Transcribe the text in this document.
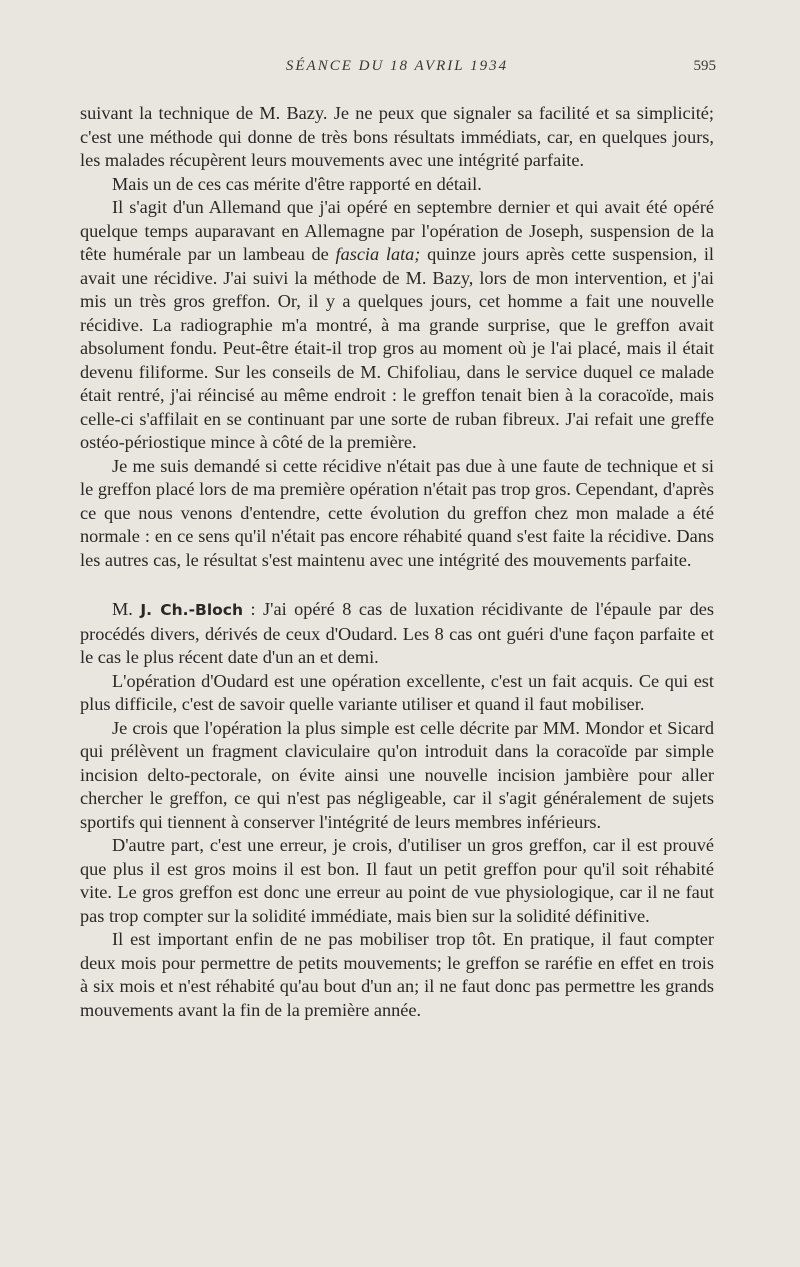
SÉANCE DU 18 AVRIL 1934	595

suivant la technique de M. Bazy. Je ne peux que signaler sa facilité et sa simplicité; c'est une méthode qui donne de très bons résultats immédiats, car, en quelques jours, les malades récupèrent leurs mouvements avec une intégrité parfaite.

Mais un de ces cas mérite d'être rapporté en détail.

Il s'agit d'un Allemand que j'ai opéré en septembre dernier et qui avait été opéré quelque temps auparavant en Allemagne par l'opération de Joseph, suspension de la tête humérale par un lambeau de fascia lata; quinze jours après cette suspension, il avait une récidive. J'ai suivi la méthode de M. Bazy, lors de mon intervention, et j'ai mis un très gros greffon. Or, il y a quelques jours, cet homme a fait une nouvelle récidive. La radiographie m'a montré, à ma grande surprise, que le greffon avait absolument fondu. Peut-être était-il trop gros au moment où je l'ai placé, mais il était devenu filiforme. Sur les conseils de M. Chifoliau, dans le service duquel ce malade était rentré, j'ai réincisé au même endroit : le greffon tenait bien à la coracoïde, mais celle-ci s'affilait en se continuant par une sorte de ruban fibreux. J'ai refait une greffe ostéo-périostique mince à côté de la première.

Je me suis demandé si cette récidive n'était pas due à une faute de technique et si le greffon placé lors de ma première opération n'était pas trop gros. Cependant, d'après ce que nous venons d'entendre, cette évolution du greffon chez mon malade a été normale : en ce sens qu'il n'était pas encore réhabité quand s'est faite la récidive. Dans les autres cas, le résultat s'est maintenu avec une intégrité des mouvements parfaite.

M. J. Ch.-Bloch : J'ai opéré 8 cas de luxation récidivante de l'épaule par des procédés divers, dérivés de ceux d'Oudard. Les 8 cas ont guéri d'une façon parfaite et le cas le plus récent date d'un an et demi.

L'opération d'Oudard est une opération excellente, c'est un fait acquis. Ce qui est plus difficile, c'est de savoir quelle variante utiliser et quand il faut mobiliser.

Je crois que l'opération la plus simple est celle décrite par MM. Mondor et Sicard qui prélèvent un fragment claviculaire qu'on introduit dans la coracoïde par simple incision delto-pectorale, on évite ainsi une nouvelle incision jambière pour aller chercher le greffon, ce qui n'est pas négligeable, car il s'agit généralement de sujets sportifs qui tiennent à conserver l'intégrité de leurs membres inférieurs.

D'autre part, c'est une erreur, je crois, d'utiliser un gros greffon, car il est prouvé que plus il est gros moins il est bon. Il faut un petit greffon pour qu'il soit réhabité vite. Le gros greffon est donc une erreur au point de vue physiologique, car il ne faut pas trop compter sur la solidité immédiate, mais bien sur la solidité définitive.

Il est important enfin de ne pas mobiliser trop tôt. En pratique, il faut compter deux mois pour permettre de petits mouvements; le greffon se raréfie en effet en trois à six mois et n'est réhabité qu'au bout d'un an; il ne faut donc pas permettre les grands mouvements avant la fin de la première année.
